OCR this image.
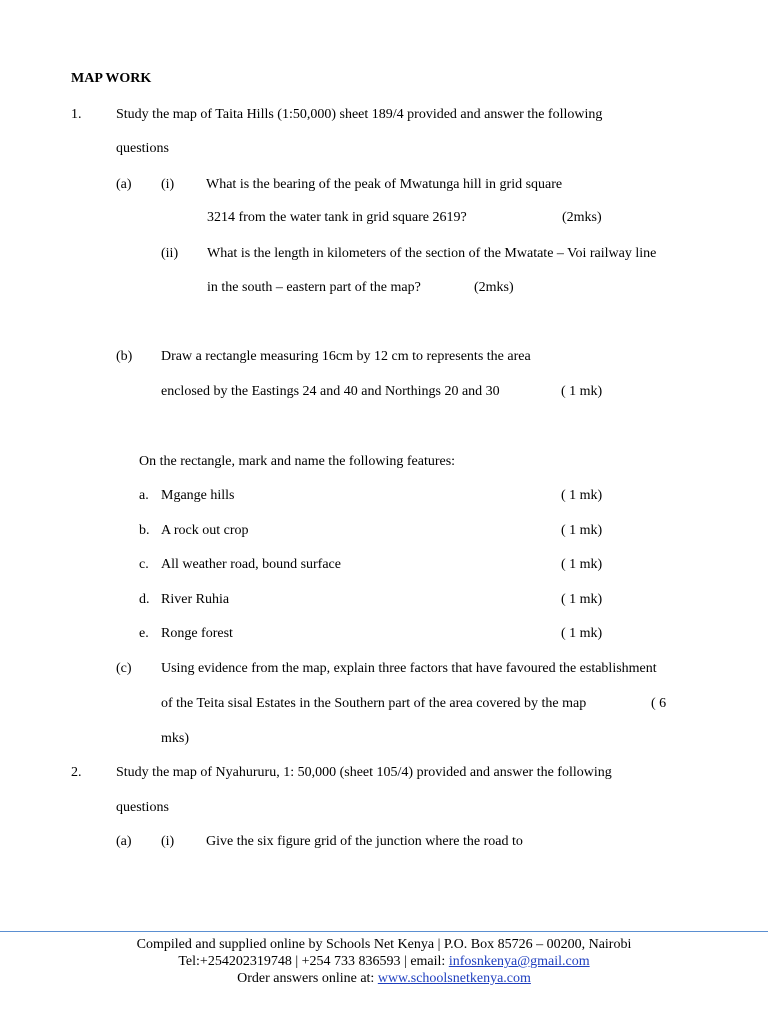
MAP WORK
1. Study the map of Taita Hills (1:50,000) sheet 189/4 provided and answer the following
questions
(a) (i) What is the bearing of the peak of Mwatunga hill in grid square
3214 from the water tank in grid square 2619?	(2mks)
(ii) What is the length in kilometers of the section of the Mwatate – Voi railway line
in the south – eastern part of the map?	(2mks)
(b) Draw a rectangle measuring 16cm by 12 cm to represents the area
enclosed by the Eastings 24 and 40 and Northings 20 and 30	( 1 mk)
On the rectangle, mark and name the following features:
a. Mgange hills	( 1 mk)
b. A rock out crop	( 1 mk)
c. All weather road, bound surface	( 1 mk)
d. River Ruhia	( 1 mk)
e. Ronge forest	( 1 mk)
(c) Using evidence from the map, explain three factors that have favoured the establishment
of the Teita sisal Estates in the Southern part of the area covered by the map	( 6
mks)
2. Study the map of Nyahururu, 1: 50,000 (sheet 105/4) provided and answer the following
questions
(a) (i) Give the six figure grid of the junction where the road to
Compiled and supplied online by Schools Net Kenya | P.O. Box 85726 – 00200, Nairobi
Tel:+254202319748 | +254 733 836593 | email: infosnkenya@gmail.com
Order answers online at: www.schoolsnetkenya.com
